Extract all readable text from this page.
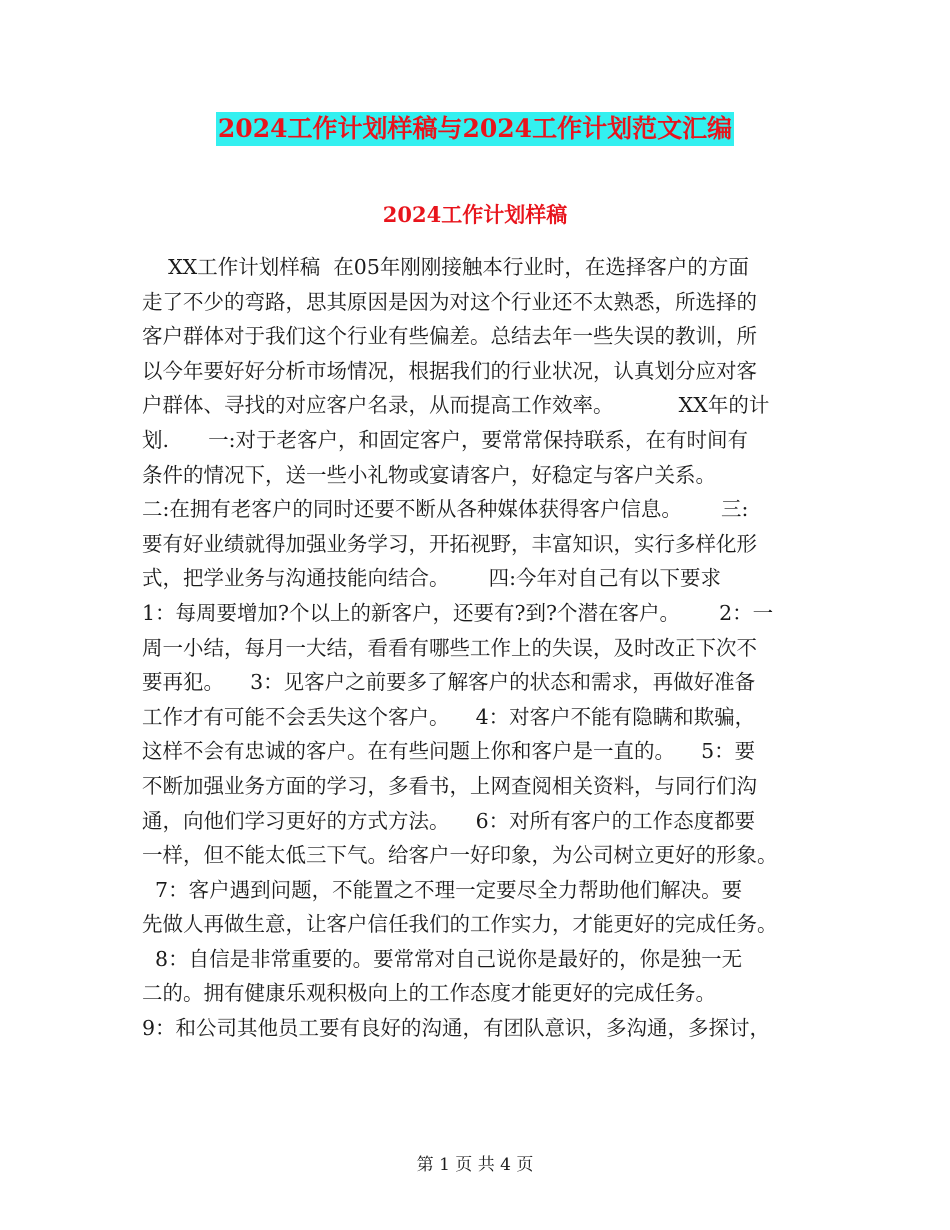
2024工作计划样稿与2024工作计划范文汇编
2024工作计划样稿
XX工作计划样稿  在05年刚刚接触本行业时，在选择客户的方面
走了不少的弯路，思其原因是因为对这个行业还不太熟悉，所选择的
客户群体对于我们这个行业有些偏差。总结去年一些失误的教训，所
以今年要好好分析市场情况，根据我们的行业状况，认真划分应对客
户群体、寻找的对应客户名录，从而提高工作效率。          XX年的计
划.      一:对于老客户，和固定客户，要常常保持联系，在有时间有
条件的情况下，送一些小礼物或宴请客户，好稳定与客户关系。
二:在拥有老客户的同时还要不断从各种媒体获得客户信息。      三:
要有好业绩就得加强业务学习，开拓视野，丰富知识，实行多样化形
式，把学业务与沟通技能向结合。      四:今年对自己有以下要求
1：每周要增加?个以上的新客户，还要有?到?个潜在客户。      2：一
周一小结，每月一大结，看看有哪些工作上的失误，及时改正下次不
要再犯。    3：见客户之前要多了解客户的状态和需求，再做好准备
工作才有可能不会丢失这个客户。    4：对客户不能有隐瞒和欺骗，
这样不会有忠诚的客户。在有些问题上你和客户是一直的。    5：要
不断加强业务方面的学习，多看书，上网查阅相关资料，与同行们沟
通，向他们学习更好的方式方法。    6：对所有客户的工作态度都要
一样，但不能太低三下气。给客户一好印象，为公司树立更好的形象。
7：客户遇到问题，不能置之不理一定要尽全力帮助他们解决。要
先做人再做生意，让客户信任我们的工作实力，才能更好的完成任务。
8：自信是非常重要的。要常常对自己说你是最好的，你是独一无
二的。拥有健康乐观积极向上的工作态度才能更好的完成任务。
9：和公司其他员工要有良好的沟通，有团队意识，多沟通，多探讨，
第 1 页 共 4 页
